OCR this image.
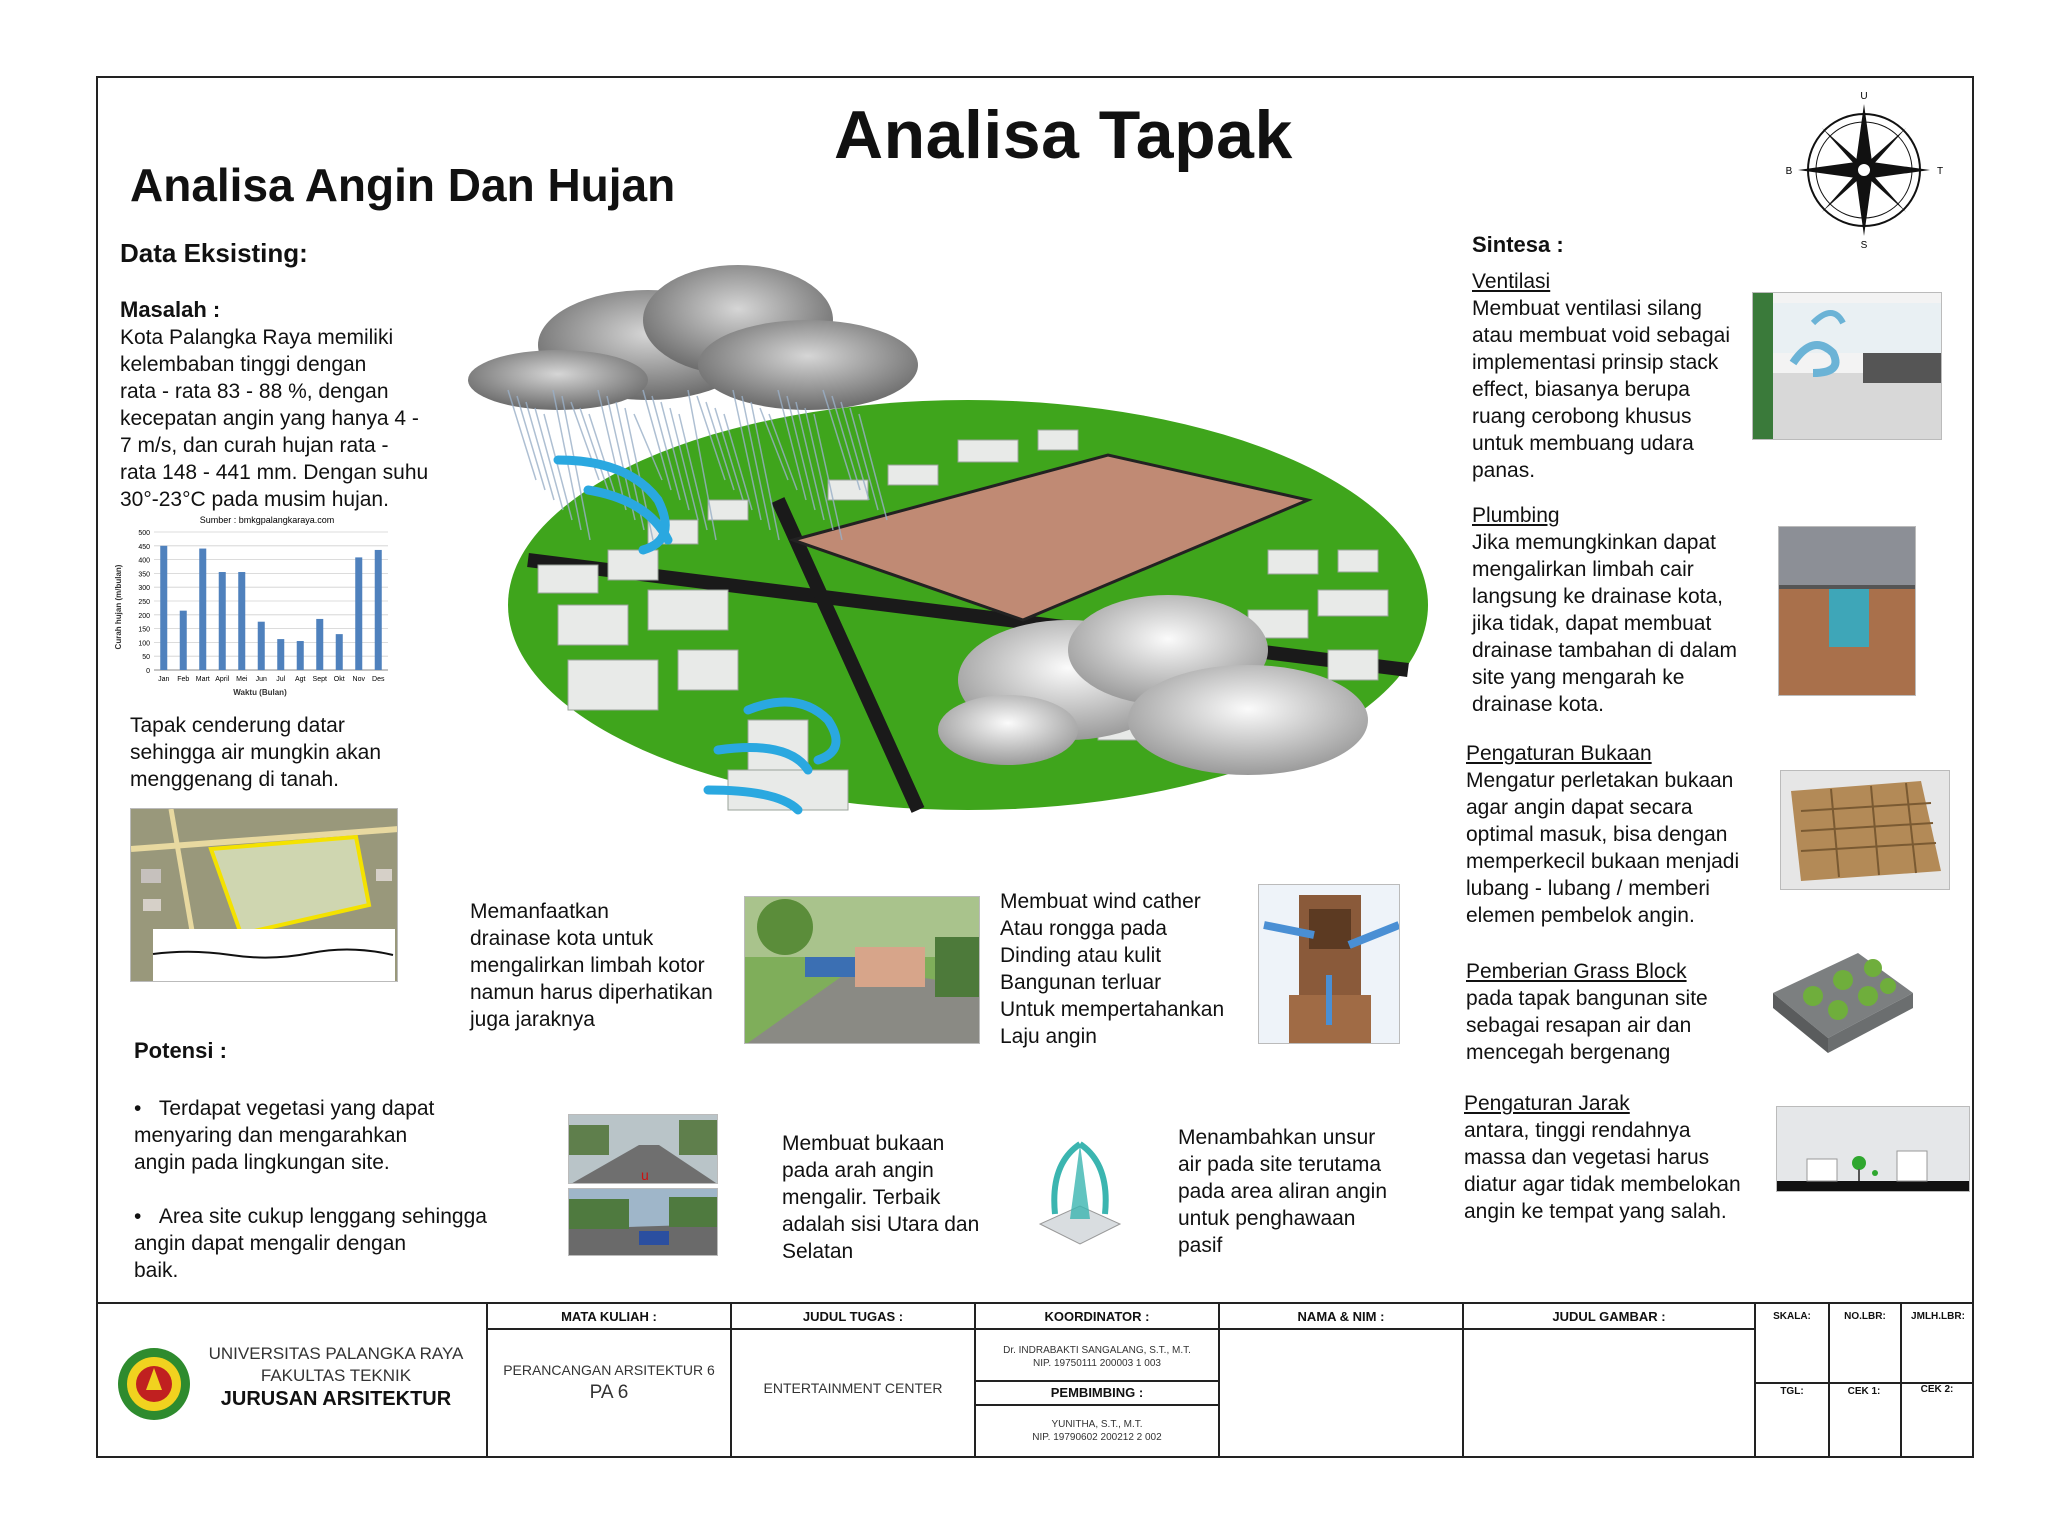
Analisa Tapak
Analisa Angin Dan Hujan
U
S
T
B
Data Eksisting:
Masalah :
Kota Palangka Raya memiliki
kelembaban tinggi dengan
rata - rata 83 - 88 %, dengan
kecepatan angin yang hanya 4 -
7 m/s, dan curah hujan rata -
rata 148 - 441 mm. Dengan suhu
30°-23°C pada musim hujan.
Sumber : bmkgpalangkaraya.com
Waktu (Bulan)
Curah hujan (m/bulan)
Jan Feb Mart April Mei Jun Jul Agt Sept Okt Nov Des
0
50
100
150
200
250
300
350
400
450
500
Tapak cenderung datar
sehingga air mungkin akan
menggenang di tanah.
Potensi :

•   Terdapat vegetasi yang dapat
menyaring dan mengarahkan
angin pada lingkungan site.

•   Area site cukup lenggang sehingga
angin dapat mengalir dengan
baik.

Memanfaatkan
drainase kota untuk
mengalirkan limbah kotor
namun harus diperhatikan
juga jaraknya
Membuat wind cather
Atau rongga pada
Dinding atau kulit
Bangunan terluar
Untuk mempertahankan
Laju angin
u
Membuat bukaan
pada arah angin
mengalir. Terbaik
adalah sisi Utara dan
Selatan
Menambahkan unsur
air pada site terutama
pada area aliran angin
untuk penghawaan
pasif
Sintesa :
Ventilasi
Membuat ventilasi silang
atau membuat void sebagai
implementasi prinsip stack
effect, biasanya berupa
ruang cerobong khusus
untuk membuang udara
panas.
Plumbing
Jika memungkinkan dapat
mengalirkan limbah cair
langsung ke drainase kota,
jika tidak, dapat membuat
drainase tambahan di dalam
site yang mengarah ke
drainase kota.
Pengaturan Bukaan
Mengatur perletakan bukaan
agar angin dapat secara
optimal masuk, bisa dengan
memperkecil bukaan menjadi
lubang - lubang / memberi
elemen pembelok angin.
Pemberian Grass Block
pada tapak bangunan site
sebagai resapan air dan
mencegah bergenang
Pengaturan Jarak
antara, tinggi rendahnya
massa dan vegetasi harus
diatur agar tidak membelokan
angin ke tempat yang salah.
UNIVERSITAS PALANGKA RAYA
FAKULTAS TEKNIK
JURUSAN ARSITEKTUR
MATA KULIAH :
PERANCANGAN ARSITEKTUR 6
PA 6
JUDUL TUGAS :
ENTERTAINMENT CENTER
KOORDINATOR :
Dr. INDRABAKTI SANGALANG, S.T., M.T.
NIP. 19750111 200003 1 003
PEMBIMBING :
YUNITHA, S.T., M.T.
NIP. 19790602 200212 2 002
NAMA & NIM :	JUDUL GAMBAR :	SKALA:	NO.LBR:	JMLH.LBR:
TGL:	CEK 1:	CEK 2:
